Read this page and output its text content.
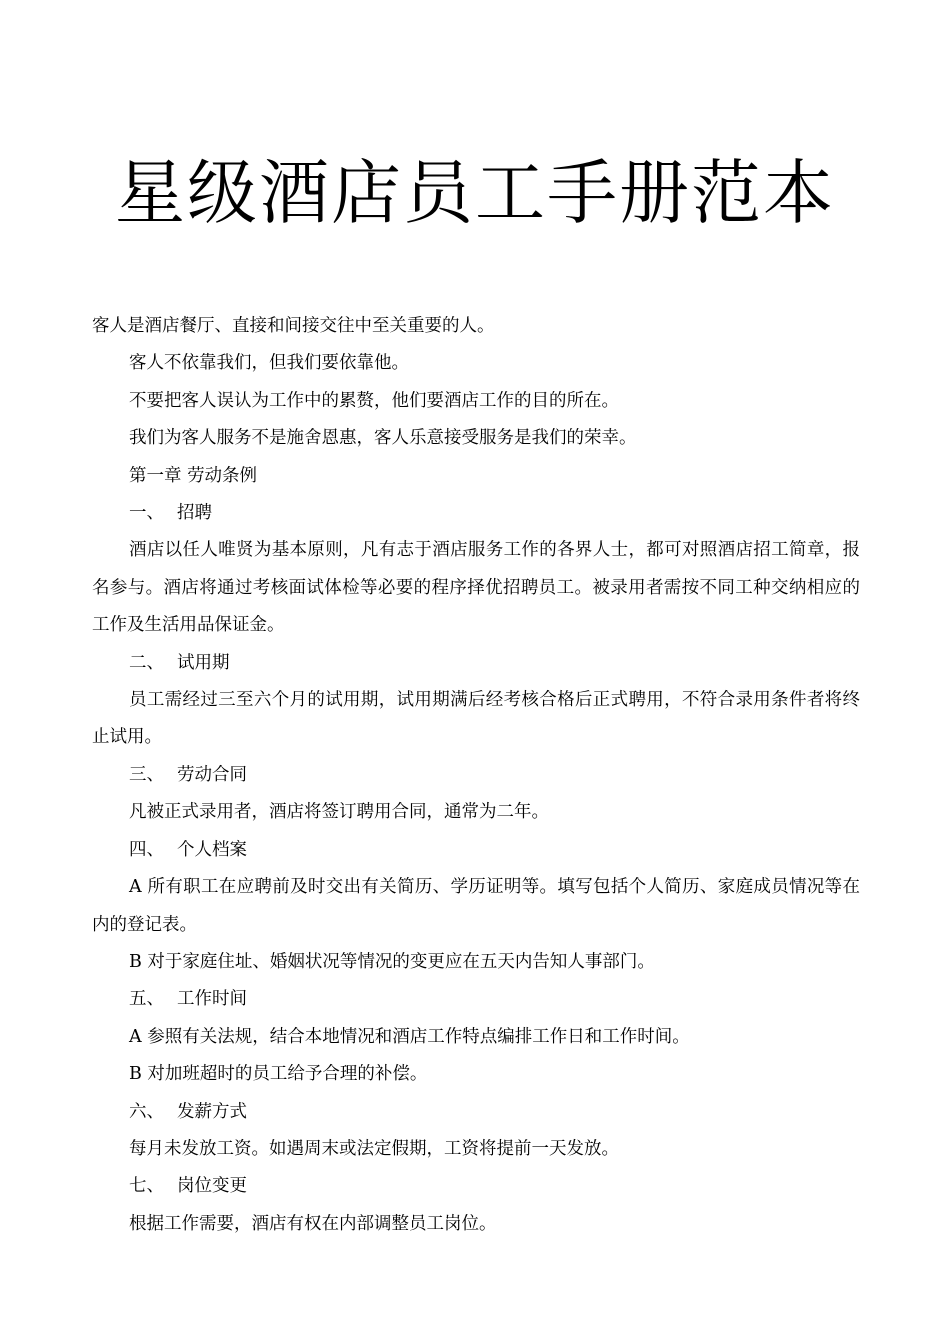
星级酒店员工手册范本

客人是酒店餐厅、直接和间接交往中至关重要的人。

客人不依靠我们，但我们要依靠他。

不要把客人误认为工作中的累赘，他们要酒店工作的目的所在。

我们为客人服务不是施舍恩惠，客人乐意接受服务是我们的荣幸。

第一章 劳动条例

一、 招聘

酒店以任人唯贤为基本原则，凡有志于酒店服务工作的各界人士，都可对照酒店招工简章，报名参与。酒店将通过考核面试体检等必要的程序择优招聘员工。被录用者需按不同工种交纳相应的工作及生活用品保证金。

二、 试用期

员工需经过三至六个月的试用期，试用期满后经考核合格后正式聘用，不符合录用条件者将终止试用。

三、 劳动合同

凡被正式录用者，酒店将签订聘用合同，通常为二年。

四、 个人档案

A 所有职工在应聘前及时交出有关简历、学历证明等。填写包括个人简历、家庭成员情况等在内的登记表。

B 对于家庭住址、婚姻状况等情况的变更应在五天内告知人事部门。

五、 工作时间

A 参照有关法规，结合本地情况和酒店工作特点编排工作日和工作时间。

B 对加班超时的员工给予合理的补偿。

六、 发薪方式

每月未发放工资。如遇周末或法定假期，工资将提前一天发放。

七、 岗位变更

根据工作需要，酒店有权在内部调整员工岗位。
